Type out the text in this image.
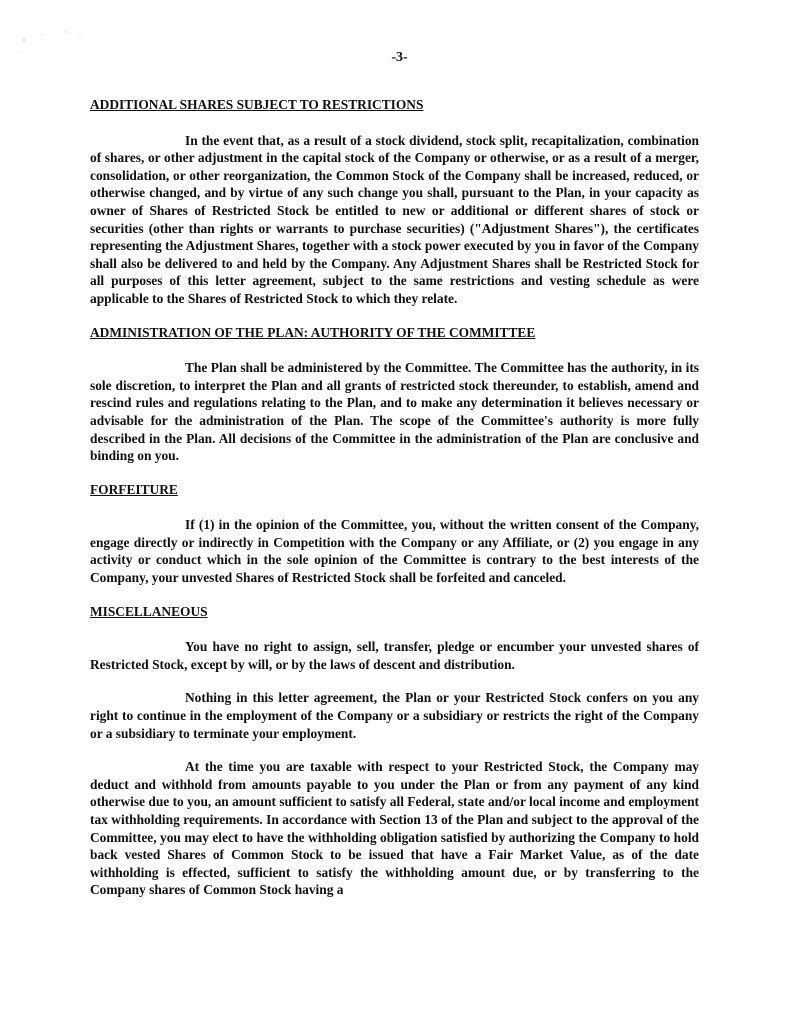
-3-
ADDITIONAL SHARES SUBJECT TO RESTRICTIONS

In the event that, as a result of a stock dividend, stock split, recapitalization, combination of shares, or other adjustment in the capital stock of the Company or otherwise, or as a result of a merger, consolidation, or other reorganization, the Common Stock of the Company shall be increased, reduced, or otherwise changed, and by virtue of any such change you shall, pursuant to the Plan, in your capacity as owner of Shares of Restricted Stock be entitled to new or additional or different shares of stock or securities (other than rights or warrants to purchase securities) ("Adjustment Shares"), the certificates representing the Adjustment Shares, together with a stock power executed by you in favor of the Company shall also be delivered to and held by the Company. Any Adjustment Shares shall be Restricted Stock for all purposes of this letter agreement, subject to the same restrictions and vesting schedule as were applicable to the Shares of Restricted Stock to which they relate.

ADMINISTRATION OF THE PLAN: AUTHORITY OF THE COMMITTEE

The Plan shall be administered by the Committee. The Committee has the authority, in its sole discretion, to interpret the Plan and all grants of restricted stock thereunder, to establish, amend and rescind rules and regulations relating to the Plan, and to make any determination it believes necessary or advisable for the administration of the Plan. The scope of the Committee's authority is more fully described in the Plan. All decisions of the Committee in the administration of the Plan are conclusive and binding on you.

FORFEITURE

If (1) in the opinion of the Committee, you, without the written consent of the Company, engage directly or indirectly in Competition with the Company or any Affiliate, or (2) you engage in any activity or conduct which in the sole opinion of the Committee is contrary to the best interests of the Company, your unvested Shares of Restricted Stock shall be forfeited and canceled.

MISCELLANEOUS

You have no right to assign, sell, transfer, pledge or encumber your unvested shares of Restricted Stock, except by will, or by the laws of descent and distribution.

Nothing in this letter agreement, the Plan or your Restricted Stock confers on you any right to continue in the employment of the Company or a subsidiary or restricts the right of the Company or a subsidiary to terminate your employment.

At the time you are taxable with respect to your Restricted Stock, the Company may deduct and withhold from amounts payable to you under the Plan or from any payment of any kind otherwise due to you, an amount sufficient to satisfy all Federal, state and/or local income and employment tax withholding requirements. In accordance with Section 13 of the Plan and subject to the approval of the Committee, you may elect to have the withholding obligation satisfied by authorizing the Company to hold back vested Shares of Common Stock to be issued that have a Fair Market Value, as of the date withholding is effected, sufficient to satisfy the withholding amount due, or by transferring to the Company shares of Common Stock having a
